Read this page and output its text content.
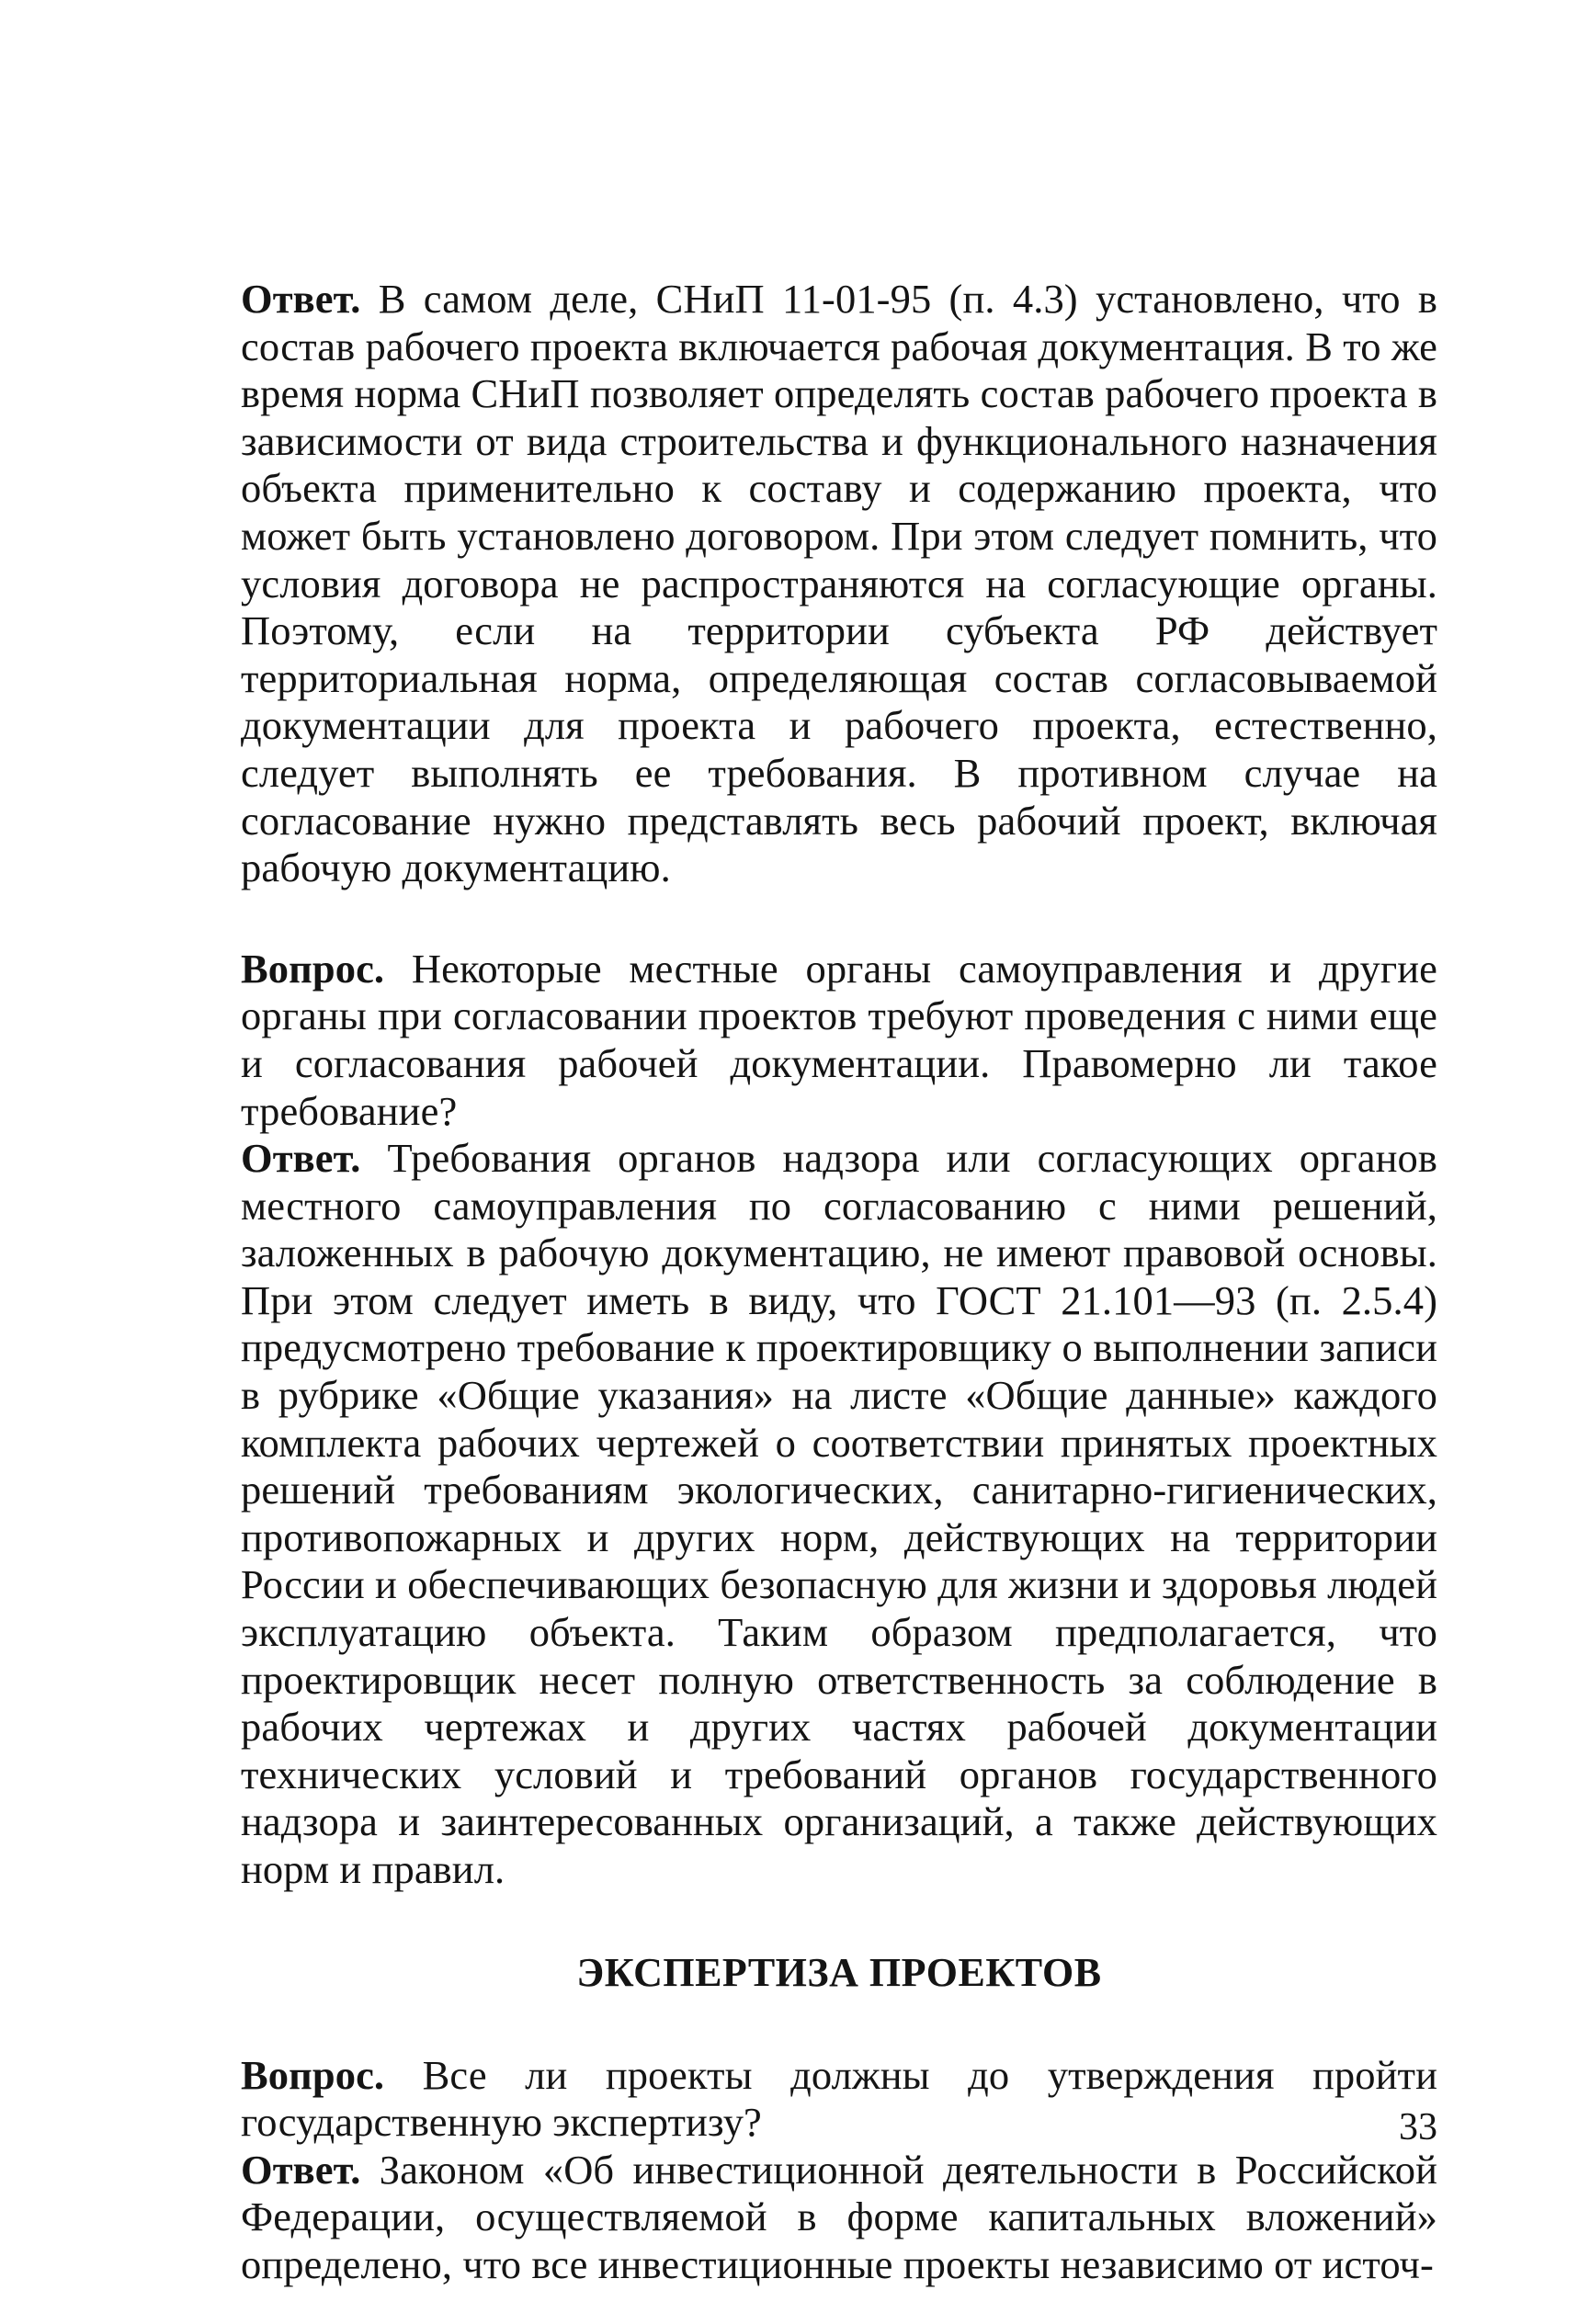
Ответ. В самом деле, СНиП 11-01-95 (п. 4.3) установлено, что в состав рабочего проекта включается рабочая документация. В то же время норма СНиП позволяет определять состав рабочего проекта в зависимости от вида строительства и функционального назначения объекта применительно к составу и содержанию проекта, что может быть установлено договором. При этом следует помнить, что условия договора не распространяются на согласующие органы. Поэтому, если на территории субъекта РФ действует территориальная норма, определяющая состав согласовываемой документации для проекта и рабочего проекта, естественно, следует выполнять ее требования. В противном случае на согласование нужно представлять весь рабочий проект, включая рабочую документацию.

Вопрос. Некоторые местные органы самоуправления и другие органы при согласовании проектов требуют проведения с ними еще и согласования рабочей документации. Правомерно ли такое требование?

Ответ. Требования органов надзора или согласующих органов местного самоуправления по согласованию с ними решений, заложенных в рабочую документацию, не имеют правовой основы. При этом следует иметь в виду, что ГОСТ 21.101—93 (п. 2.5.4) предусмотрено требование к проектировщику о выполнении записи в рубрике «Общие указания» на листе «Общие данные» каждого комплекта рабочих чертежей о соответствии принятых проектных решений требованиям экологических, санитарно-гигиенических, противопожарных и других норм, действующих на территории России и обеспечивающих безопасную для жизни и здоровья людей эксплуатацию объекта. Таким образом предполагается, что проектировщик несет полную ответственность за соблюдение в рабочих чертежах и других частях рабочей документации технических условий и требований органов государственного надзора и заинтересованных организаций, а также действующих норм и правил.

ЭКСПЕРТИЗА ПРОЕКТОВ

Вопрос. Все ли проекты должны до утверждения пройти государственную экспертизу?

Ответ. Законом «Об инвестиционной деятельности в Российской Федерации, осуществляемой в форме капитальных вложений» определено, что все инвестиционные проекты независимо от источ-

33
